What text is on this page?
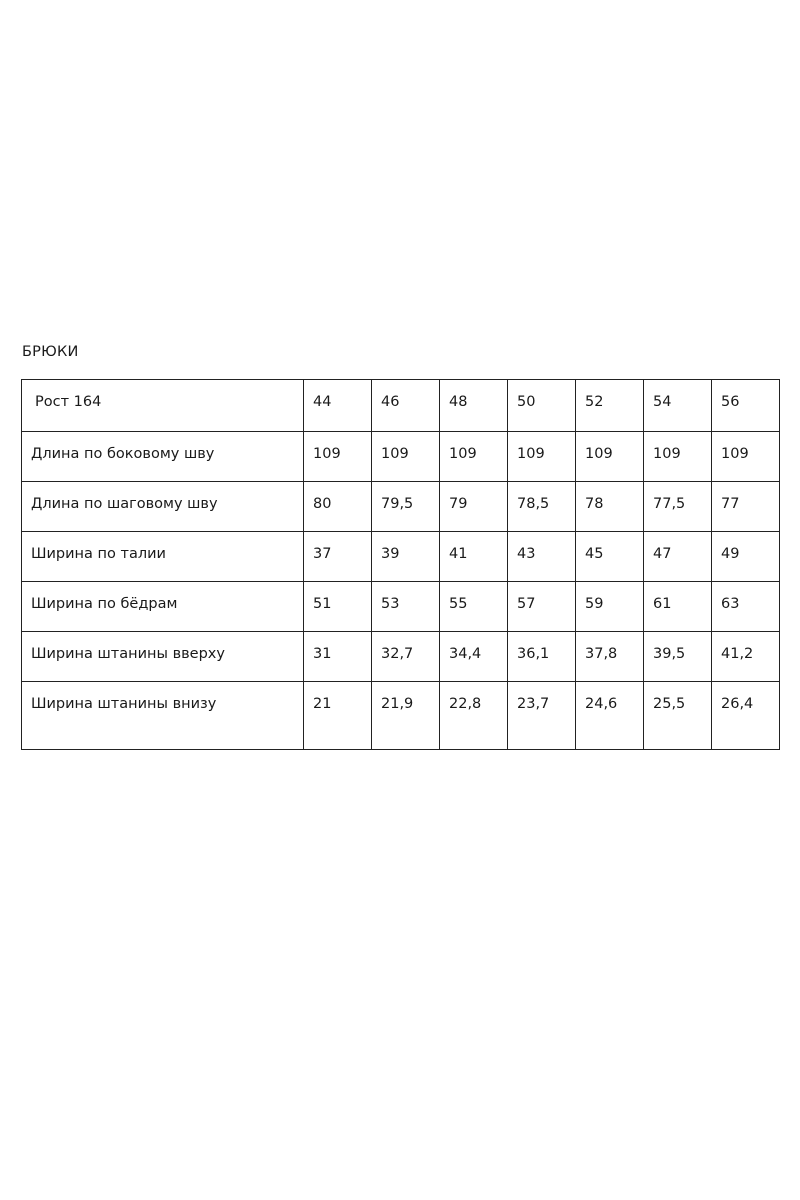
БРЮКИ
Рост 164	44	46	48	50	52	54	56
Длина по боковому шву	109	109	109	109	109	109	109
Длина по шаговому шву	80	79,5	79	78,5	78	77,5	77
Ширина по талии	37	39	41	43	45	47	49
Ширина по бёдрам	51	53	55	57	59	61	63
Ширина штанины вверху	31	32,7	34,4	36,1	37,8	39,5	41,2
Ширина штанины внизу	21	21,9	22,8	23,7	24,6	25,5	26,4
